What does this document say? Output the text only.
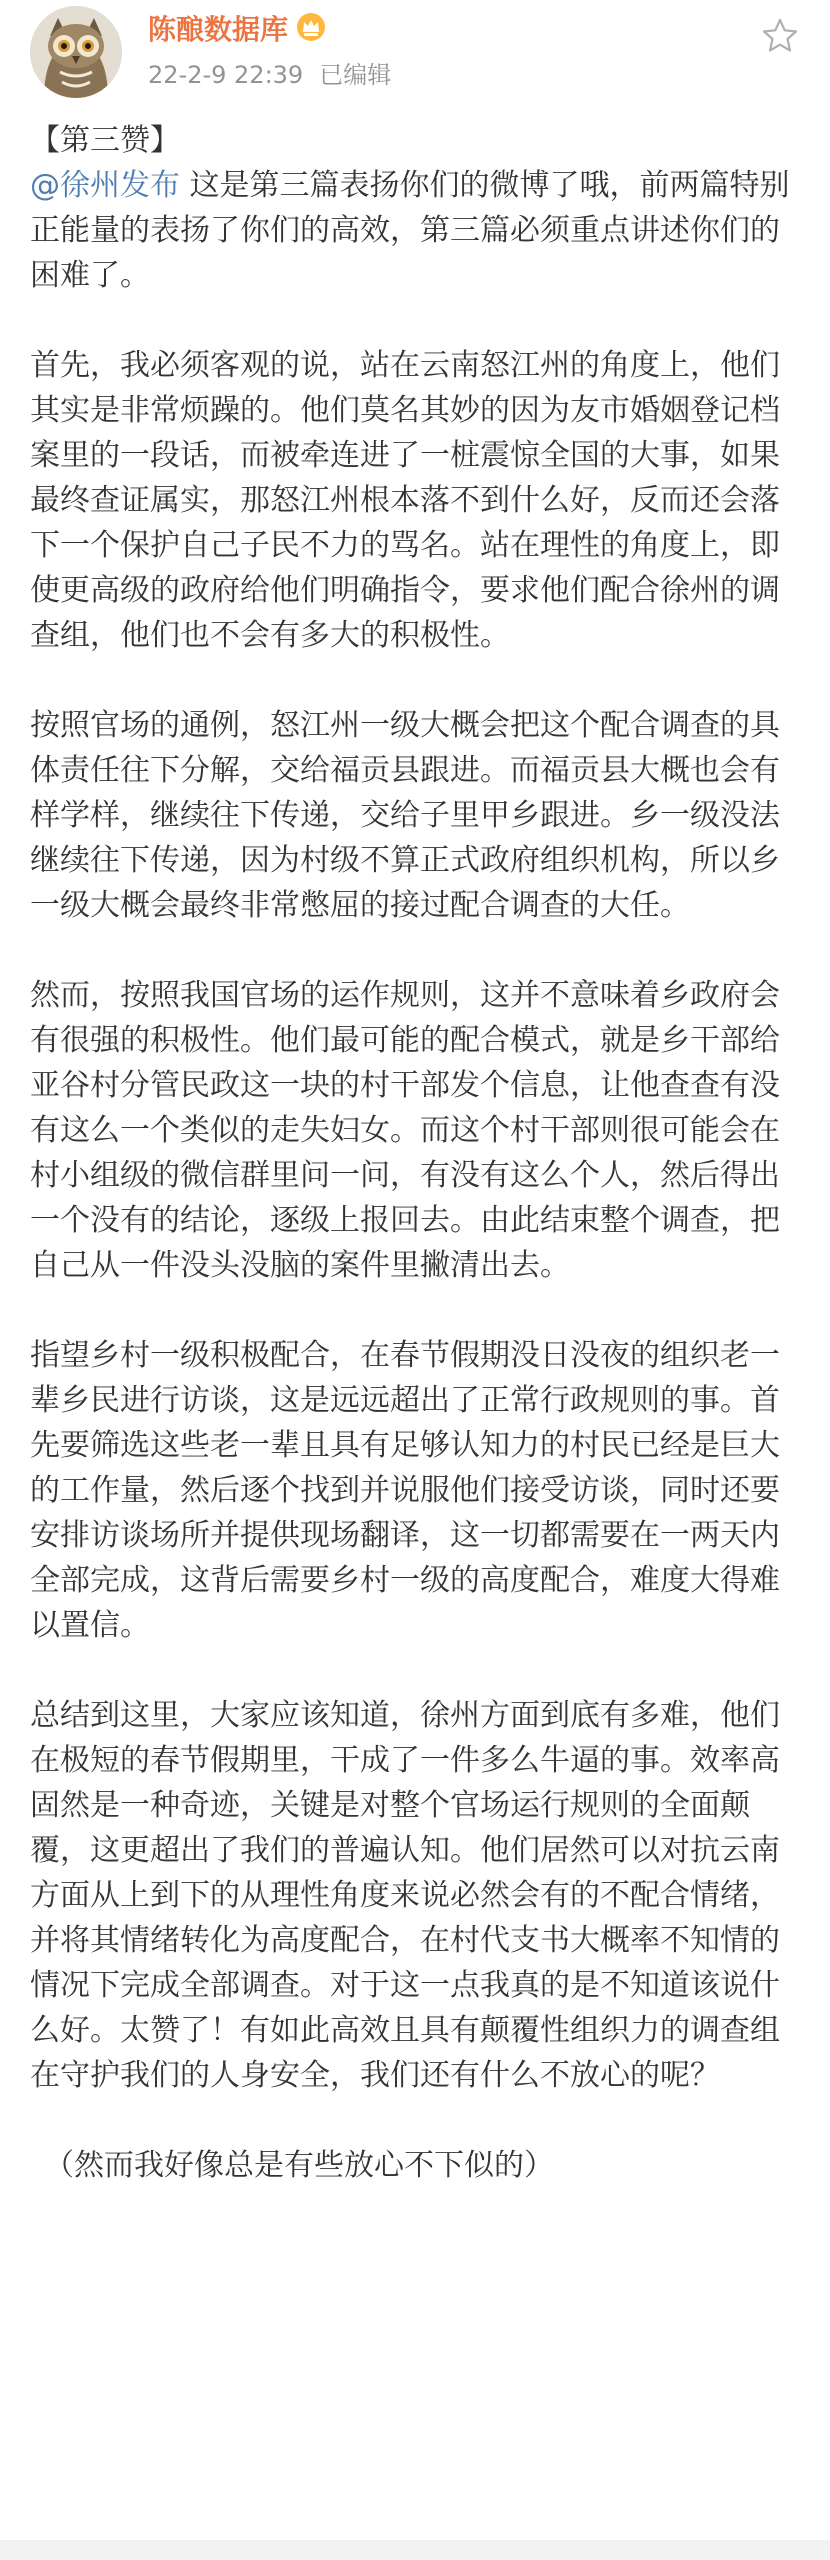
陈酿数据库
22-2-9 22:39 已编辑

【第三赞】

@徐州发布 这是第三篇表扬你们的微博了哦，前两篇特别正能量的表扬了你们的高效，第三篇必须重点讲述你们的困难了。

首先，我必须客观的说，站在云南怒江州的角度上，他们其实是非常烦躁的。他们莫名其妙的因为友市婚姻登记档案里的一段话，而被牵连进了一桩震惊全国的大事，如果最终查证属实，那怒江州根本落不到什么好，反而还会落下一个保护自己子民不力的骂名。站在理性的角度上，即使更高级的政府给他们明确指令，要求他们配合徐州的调查组，他们也不会有多大的积极性。

按照官场的通例，怒江州一级大概会把这个配合调查的具体责任往下分解，交给福贡县跟进。而福贡县大概也会有样学样，继续往下传递，交给子里甲乡跟进。乡一级没法继续往下传递，因为村级不算正式政府组织机构，所以乡一级大概会最终非常憋屈的接过配合调查的大任。

然而，按照我国官场的运作规则，这并不意味着乡政府会有很强的积极性。他们最可能的配合模式，就是乡干部给亚谷村分管民政这一块的村干部发个信息，让他查查有没有这么一个类似的走失妇女。而这个村干部则很可能会在村小组级的微信群里问一问，有没有这么个人，然后得出一个没有的结论，逐级上报回去。由此结束整个调查，把自己从一件没头没脑的案件里撇清出去。

指望乡村一级积极配合，在春节假期没日没夜的组织老一辈乡民进行访谈，这是远远超出了正常行政规则的事。首先要筛选这些老一辈且具有足够认知力的村民已经是巨大的工作量，然后逐个找到并说服他们接受访谈，同时还要安排访谈场所并提供现场翻译，这一切都需要在一两天内全部完成，这背后需要乡村一级的高度配合，难度大得难以置信。

总结到这里，大家应该知道，徐州方面到底有多难，他们在极短的春节假期里，干成了一件多么牛逼的事。效率高固然是一种奇迹，关键是对整个官场运行规则的全面颠覆，这更超出了我们的普遍认知。他们居然可以对抗云南方面从上到下的从理性角度来说必然会有的不配合情绪，并将其情绪转化为高度配合，在村代支书大概率不知情的情况下完成全部调查。对于这一点我真的是不知道该说什么好。太赞了！有如此高效且具有颠覆性组织力的调查组在守护我们的人身安全，我们还有什么不放心的呢？

（然而我好像总是有些放心不下似的）
